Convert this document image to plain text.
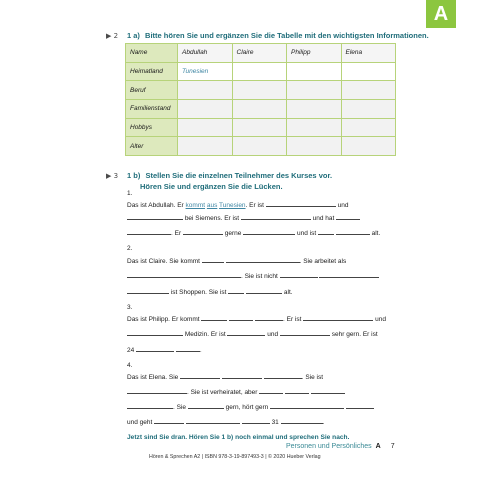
A
▶ 2 1 a) Bitte hören Sie und ergänzen Sie die Tabelle mit den wichtigsten Informationen.
Name	Abdullah	Claire	Philipp	Elena
Heimatland	Tunesien			
Beruf				
Familienstand				
Hobbys				
Alter				
▶ 3 1 b) Stellen Sie die einzelnen Teilnehmer des Kurses vor.
Hören Sie und ergänzen Sie die Lücken.
1.
Das ist Abdullah. Er kommt aus Tunesien. Er ist	und
bei Siemens. Er ist	und hat
. Er	gerne	und ist	alt.
2.
Das ist Claire. Sie kommt	. Sie arbeitet als
. Sie ist nicht
ist Shoppen. Sie ist	alt.
3.
Das ist Philipp. Er kommt	. Er ist	und
Medizin. Er ist	und	sehr gern. Er ist
24	.
4.
Das ist Elena. Sie	. Sie ist
. Sie ist verheiratet, aber
. Sie	gern, hört gern
und geht	31	.
Jetzt sind Sie dran. Hören Sie 1 b) noch einmal und sprechen Sie nach.
Personen und Persönliches A 7
Hören & Sprechen A2 | ISBN 978-3-19-897493-3 | © 2020 Hueber Verlag
